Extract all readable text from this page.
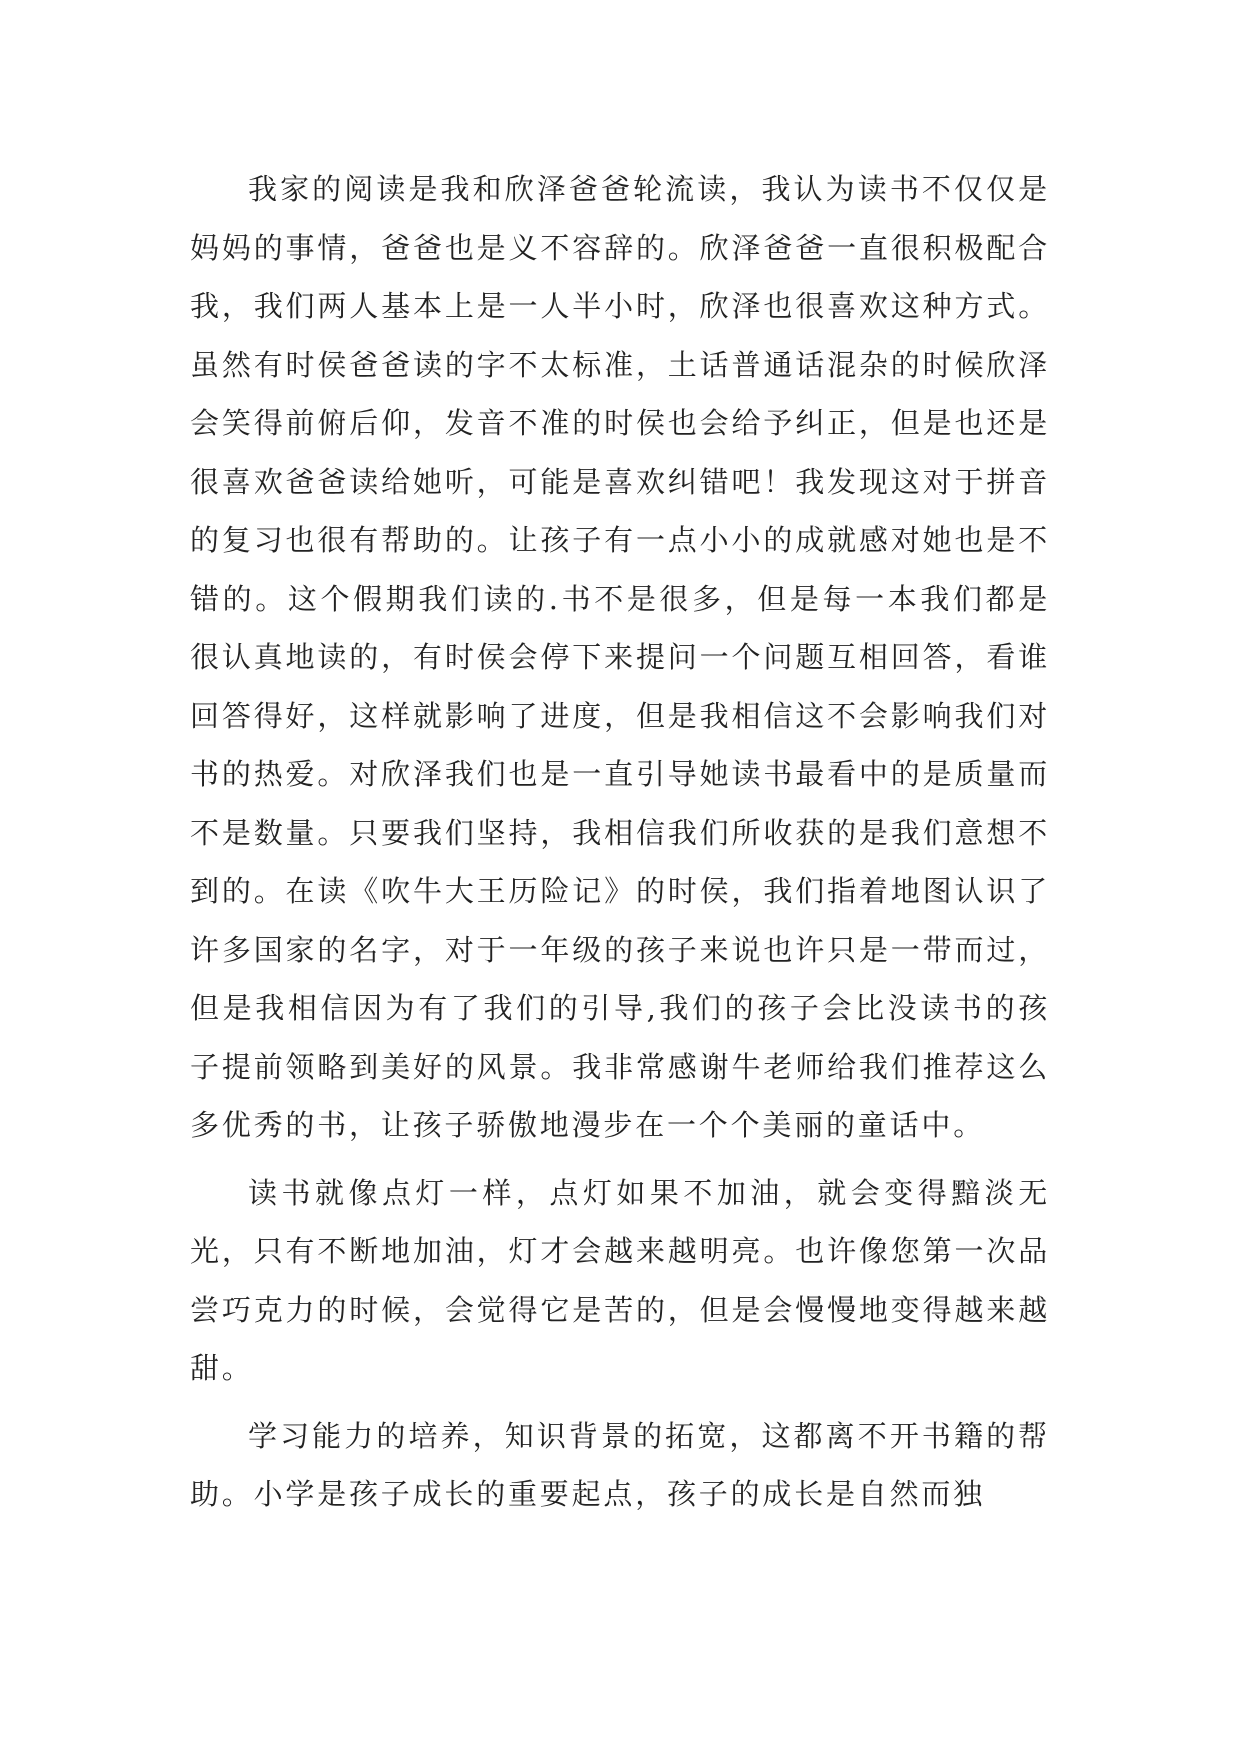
我家的阅读是我和欣泽爸爸轮流读，我认为读书不仅仅是妈妈的事情，爸爸也是义不容辞的。欣泽爸爸一直很积极配合我，我们两人基本上是一人半小时，欣泽也很喜欢这种方式。虽然有时侯爸爸读的字不太标准，土话普通话混杂的时候欣泽会笑得前俯后仰，发音不准的时侯也会给予纠正，但是也还是很喜欢爸爸读给她听，可能是喜欢纠错吧！我发现这对于拼音的复习也很有帮助的。让孩子有一点小小的成就感对她也是不错的。这个假期我们读的.书不是很多，但是每一本我们都是很认真地读的，有时侯会停下来提问一个问题互相回答，看谁回答得好，这样就影响了进度，但是我相信这不会影响我们对书的热爱。对欣泽我们也是一直引导她读书最看中的是质量而不是数量。只要我们坚持，我相信我们所收获的是我们意想不到的。在读《吹牛大王历险记》的时侯，我们指着地图认识了许多国家的名字，对于一年级的孩子来说也许只是一带而过，但是我相信因为有了我们的引导,我们的孩子会比没读书的孩子提前领略到美好的风景。我非常感谢牛老师给我们推荐这么多优秀的书，让孩子骄傲地漫步在一个个美丽的童话中。

读书就像点灯一样，点灯如果不加油，就会变得黯淡无光，只有不断地加油，灯才会越来越明亮。也许像您第一次品尝巧克力的时候，会觉得它是苦的，但是会慢慢地变得越来越甜。

学习能力的培养，知识背景的拓宽，这都离不开书籍的帮助。小学是孩子成长的重要起点，孩子的成长是自然而独
